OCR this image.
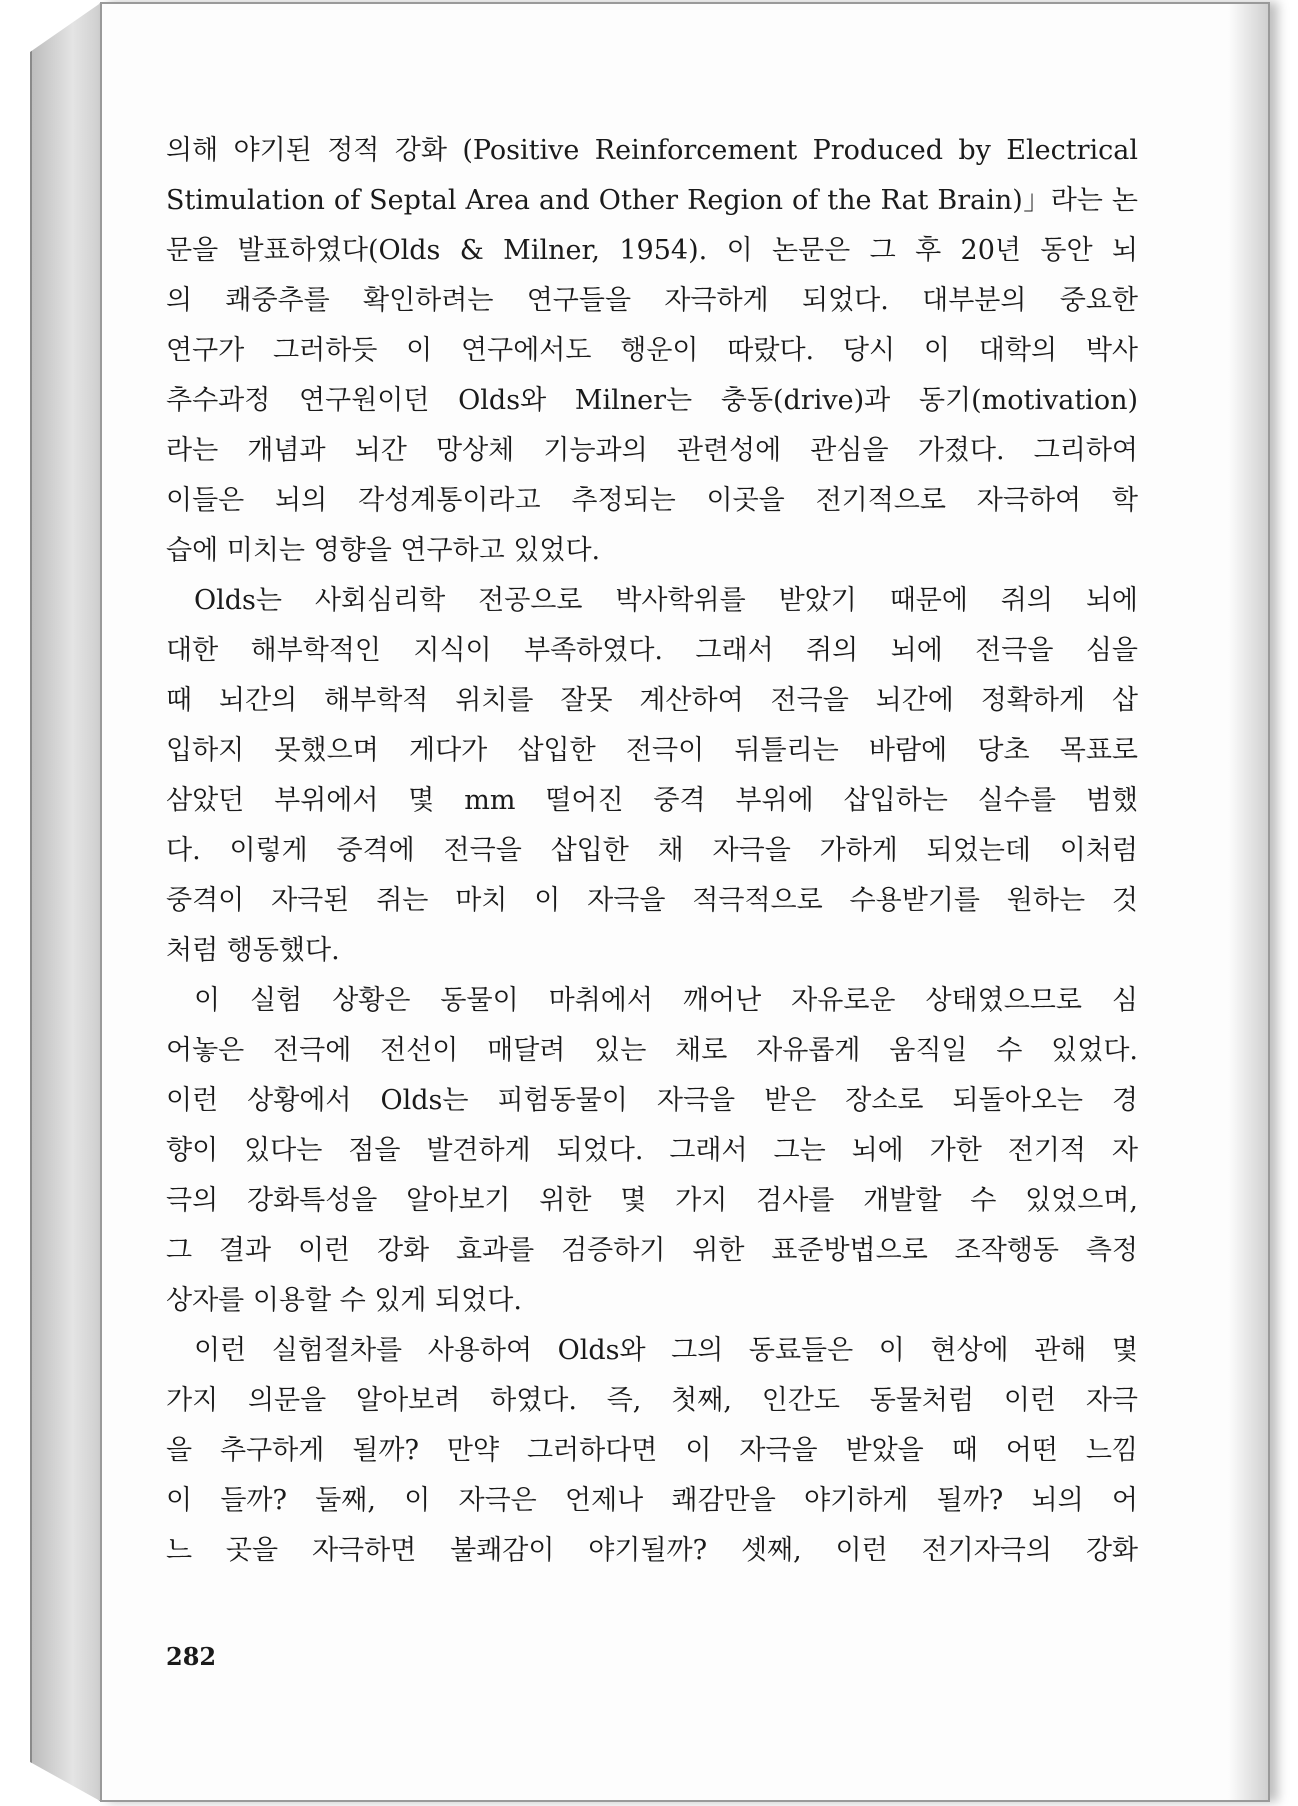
의해 야기된 정적 강화 (Positive Reinforcement Produced by Electrical
Stimulation of Septal Area and Other Region of the Rat Brain)」라는 논
문을 발표하였다(Olds & Milner, 1954). 이 논문은 그 후 20년 동안 뇌
의 쾌중추를 확인하려는 연구들을 자극하게 되었다. 대부분의 중요한
연구가 그러하듯 이 연구에서도 행운이 따랐다. 당시 이 대학의 박사
추수과정 연구원이던 Olds와 Milner는 충동(drive)과 동기(motivation)
라는 개념과 뇌간 망상체 기능과의 관련성에 관심을 가졌다. 그리하여
이들은 뇌의 각성계통이라고 추정되는 이곳을 전기적으로 자극하여 학
습에 미치는 영향을 연구하고 있었다.
Olds는 사회심리학 전공으로 박사학위를 받았기 때문에 쥐의 뇌에
대한 해부학적인 지식이 부족하였다. 그래서 쥐의 뇌에 전극을 심을
때 뇌간의 해부학적 위치를 잘못 계산하여 전극을 뇌간에 정확하게 삽
입하지 못했으며 게다가 삽입한 전극이 뒤틀리는 바람에 당초 목표로
삼았던 부위에서 몇 mm 떨어진 중격 부위에 삽입하는 실수를 범했
다. 이렇게 중격에 전극을 삽입한 채 자극을 가하게 되었는데 이처럼
중격이 자극된 쥐는 마치 이 자극을 적극적으로 수용받기를 원하는 것
처럼 행동했다.
이 실험 상황은 동물이 마취에서 깨어난 자유로운 상태였으므로 심
어놓은 전극에 전선이 매달려 있는 채로 자유롭게 움직일 수 있었다.
이런 상황에서 Olds는 피험동물이 자극을 받은 장소로 되돌아오는 경
향이 있다는 점을 발견하게 되었다. 그래서 그는 뇌에 가한 전기적 자
극의 강화특성을 알아보기 위한 몇 가지 검사를 개발할 수 있었으며,
그 결과 이런 강화 효과를 검증하기 위한 표준방법으로 조작행동 측정
상자를 이용할 수 있게 되었다.
이런 실험절차를 사용하여 Olds와 그의 동료들은 이 현상에 관해 몇
가지 의문을 알아보려 하였다. 즉, 첫째, 인간도 동물처럼 이런 자극
을 추구하게 될까? 만약 그러하다면 이 자극을 받았을 때 어떤 느낌
이 들까? 둘째, 이 자극은 언제나 쾌감만을 야기하게 될까? 뇌의 어
느 곳을 자극하면 불쾌감이 야기될까? 셋째, 이런 전기자극의 강화
282
